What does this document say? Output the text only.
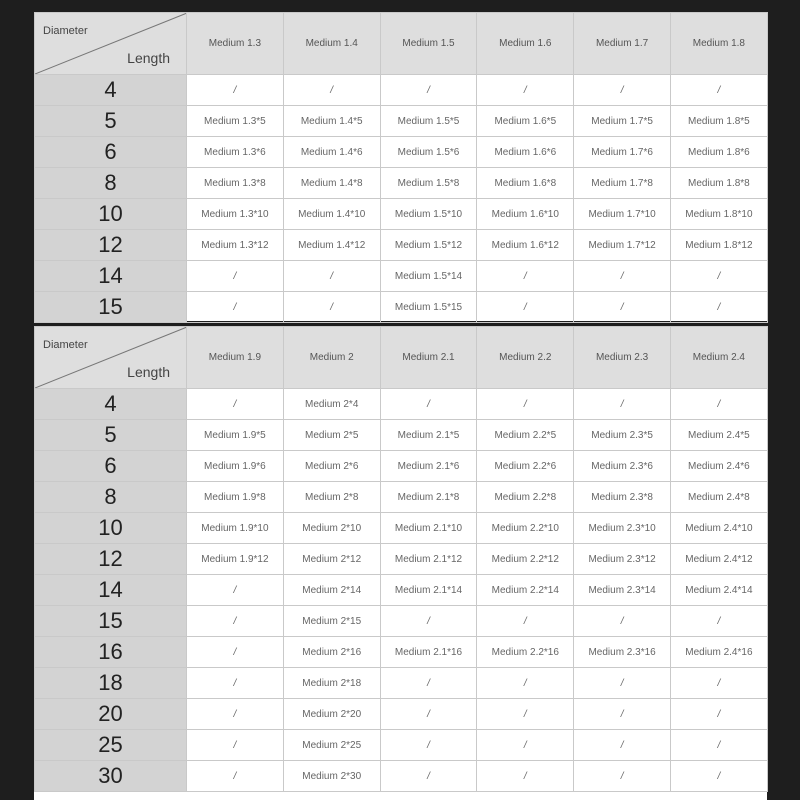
Diameter
Length	Medium 1.3	Medium 1.4	Medium 1.5	Medium 1.6	Medium 1.7	Medium 1.8
4	/	/	/	/	/	/
5	Medium 1.3*5	Medium 1.4*5	Medium 1.5*5	Medium 1.6*5	Medium 1.7*5	Medium 1.8*5
6	Medium 1.3*6	Medium 1.4*6	Medium 1.5*6	Medium 1.6*6	Medium 1.7*6	Medium 1.8*6
8	Medium 1.3*8	Medium 1.4*8	Medium 1.5*8	Medium 1.6*8	Medium 1.7*8	Medium 1.8*8
10	Medium 1.3*10	Medium 1.4*10	Medium 1.5*10	Medium 1.6*10	Medium 1.7*10	Medium 1.8*10
12	Medium 1.3*12	Medium 1.4*12	Medium 1.5*12	Medium 1.6*12	Medium 1.7*12	Medium 1.8*12
14	/	/	Medium 1.5*14	/	/	/
15	/	/	Medium 1.5*15	/	/	/
Diameter
Length	Medium 1.9	Medium 2	Medium 2.1	Medium 2.2	Medium 2.3	Medium 2.4
4	/	Medium 2*4	/	/	/	/
5	Medium 1.9*5	Medium 2*5	Medium 2.1*5	Medium 2.2*5	Medium 2.3*5	Medium 2.4*5
6	Medium 1.9*6	Medium 2*6	Medium 2.1*6	Medium 2.2*6	Medium 2.3*6	Medium 2.4*6
8	Medium 1.9*8	Medium 2*8	Medium 2.1*8	Medium 2.2*8	Medium 2.3*8	Medium 2.4*8
10	Medium 1.9*10	Medium 2*10	Medium 2.1*10	Medium 2.2*10	Medium 2.3*10	Medium 2.4*10
12	Medium 1.9*12	Medium 2*12	Medium 2.1*12	Medium 2.2*12	Medium 2.3*12	Medium 2.4*12
14	/	Medium 2*14	Medium 2.1*14	Medium 2.2*14	Medium 2.3*14	Medium 2.4*14
15	/	Medium 2*15	/	/	/	/
16	/	Medium 2*16	Medium 2.1*16	Medium 2.2*16	Medium 2.3*16	Medium 2.4*16
18	/	Medium 2*18	/	/	/	/
20	/	Medium 2*20	/	/	/	/
25	/	Medium 2*25	/	/	/	/
30	/	Medium 2*30	/	/	/	/
